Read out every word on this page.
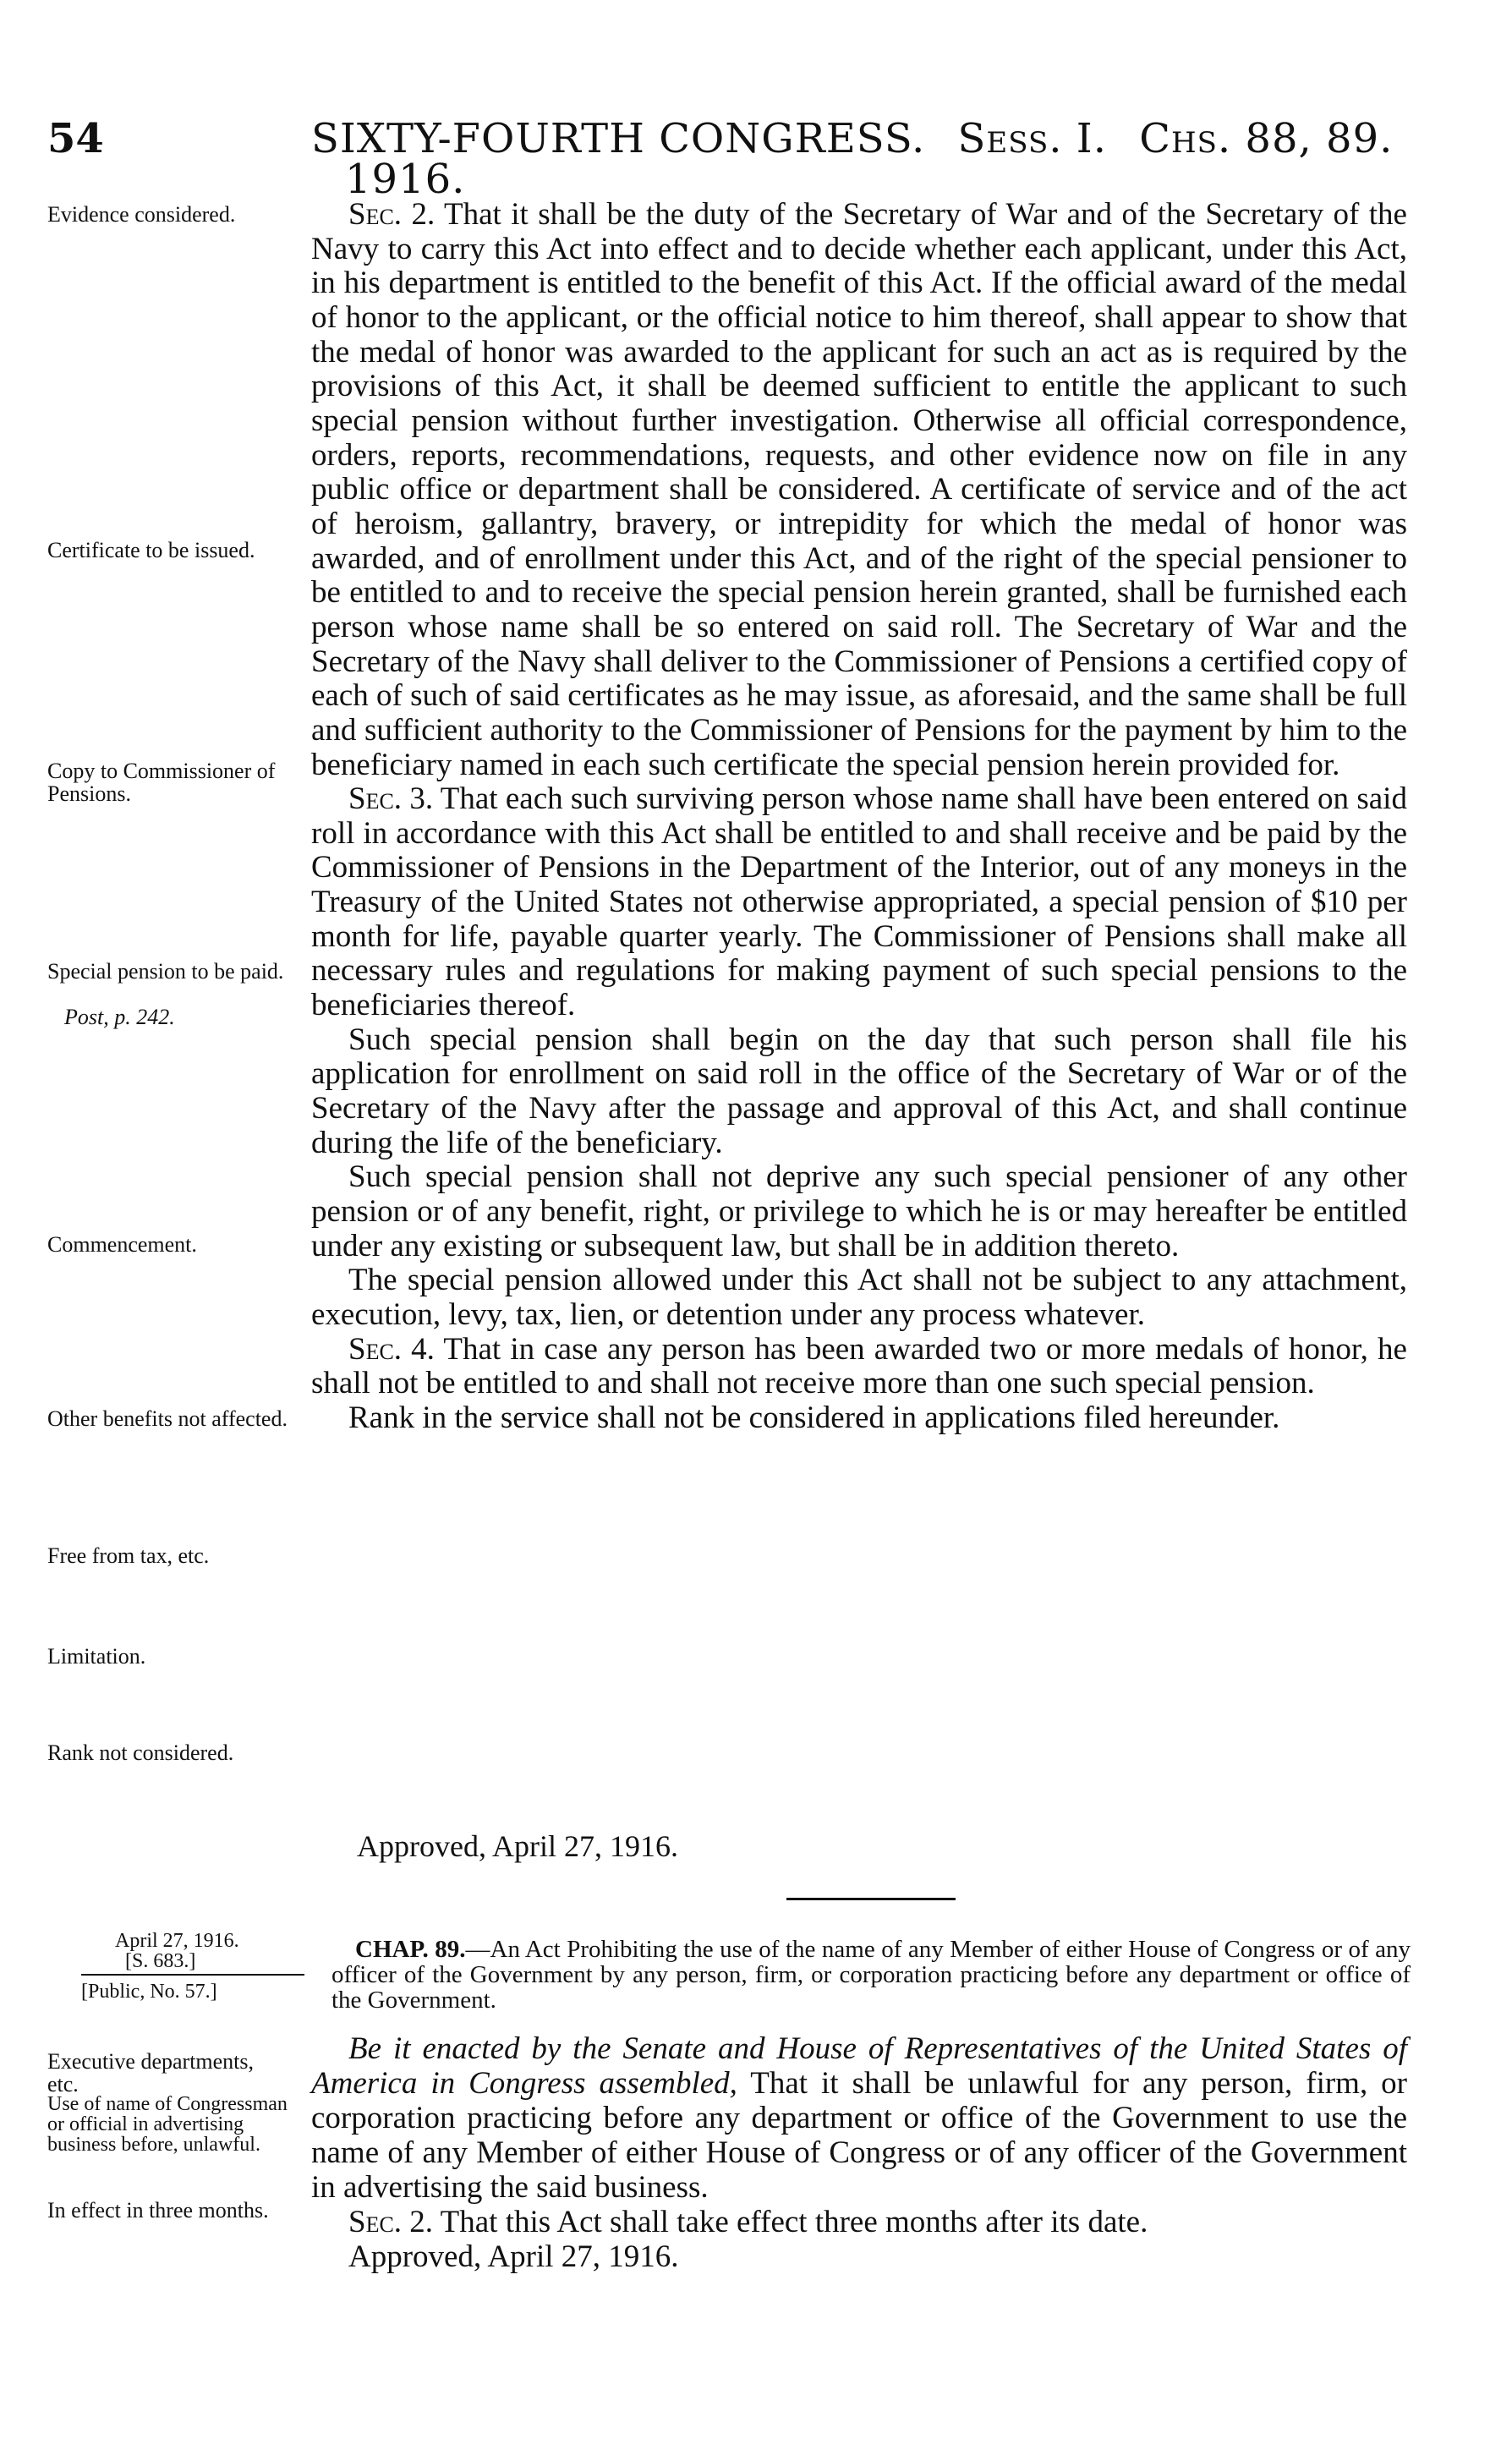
54	SIXTY-FOURTH CONGRESS. Sess. I. Chs. 88, 89. 1916.
Evidence considered.
Certificate to be issued.
Copy to Commissioner of Pensions.
Special pension to be paid.
Post, p. 242.
Commencement.
Other benefits not affected.
Free from tax, etc.
Limitation.
Rank not considered.

Sec. 2. That it shall be the duty of the Secretary of War and of the Secretary of the Navy to carry this Act into effect and to decide whether each applicant, under this Act, in his department is entitled to the benefit of this Act. If the official award of the medal of honor to the applicant, or the official notice to him thereof, shall appear to show that the medal of honor was awarded to the applicant for such an act as is required by the provisions of this Act, it shall be deemed sufficient to entitle the applicant to such special pension without further investigation. Otherwise all official correspondence, orders, reports, recommendations, requests, and other evidence now on file in any public office or department shall be considered. A certificate of service and of the act of heroism, gallantry, bravery, or intrepidity for which the medal of honor was awarded, and of enrollment under this Act, and of the right of the special pensioner to be entitled to and to receive the special pension herein granted, shall be furnished each person whose name shall be so entered on said roll. The Secretary of War and the Secretary of the Navy shall deliver to the Commissioner of Pensions a certified copy of each of such of said certificates as he may issue, as aforesaid, and the same shall be full and sufficient authority to the Commissioner of Pensions for the payment by him to the beneficiary named in each such certificate the special pension herein provided for.

Sec. 3. That each such surviving person whose name shall have been entered on said roll in accordance with this Act shall be entitled to and shall receive and be paid by the Commissioner of Pensions in the Department of the Interior, out of any moneys in the Treasury of the United States not otherwise appropriated, a special pension of $10 per month for life, payable quarter yearly. The Commissioner of Pensions shall make all necessary rules and regulations for making payment of such special pensions to the beneficiaries thereof.

Such special pension shall begin on the day that such person shall file his application for enrollment on said roll in the office of the Secretary of War or of the Secretary of the Navy after the passage and approval of this Act, and shall continue during the life of the beneficiary.

Such special pension shall not deprive any such special pensioner of any other pension or of any benefit, right, or privilege to which he is or may hereafter be entitled under any existing or subsequent law, but shall be in addition thereto.

The special pension allowed under this Act shall not be subject to any attachment, execution, levy, tax, lien, or detention under any process whatever.

Sec. 4. That in case any person has been awarded two or more medals of honor, he shall not be entitled to and shall not receive more than one such special pension.

Rank in the service shall not be considered in applications filed hereunder.

Approved, April 27, 1916.
April 27, 1916.
[S. 683.]
[Public, No. 57.]
CHAP. 89.—An Act Prohibiting the use of the name of any Member of either House of Congress or of any officer of the Government by any person, firm, or corporation practicing before any department or office of the Government.
Executive departments, etc.
Use of name of Congressman or official in advertising business before, unlawful.
In effect in three months.

Be it enacted by the Senate and House of Representatives of the United States of America in Congress assembled, That it shall be unlawful for any person, firm, or corporation practicing before any department or office of the Government to use the name of any Member of either House of Congress or of any officer of the Government in advertising the said business.

Sec. 2. That this Act shall take effect three months after its date.

Approved, April 27, 1916.
